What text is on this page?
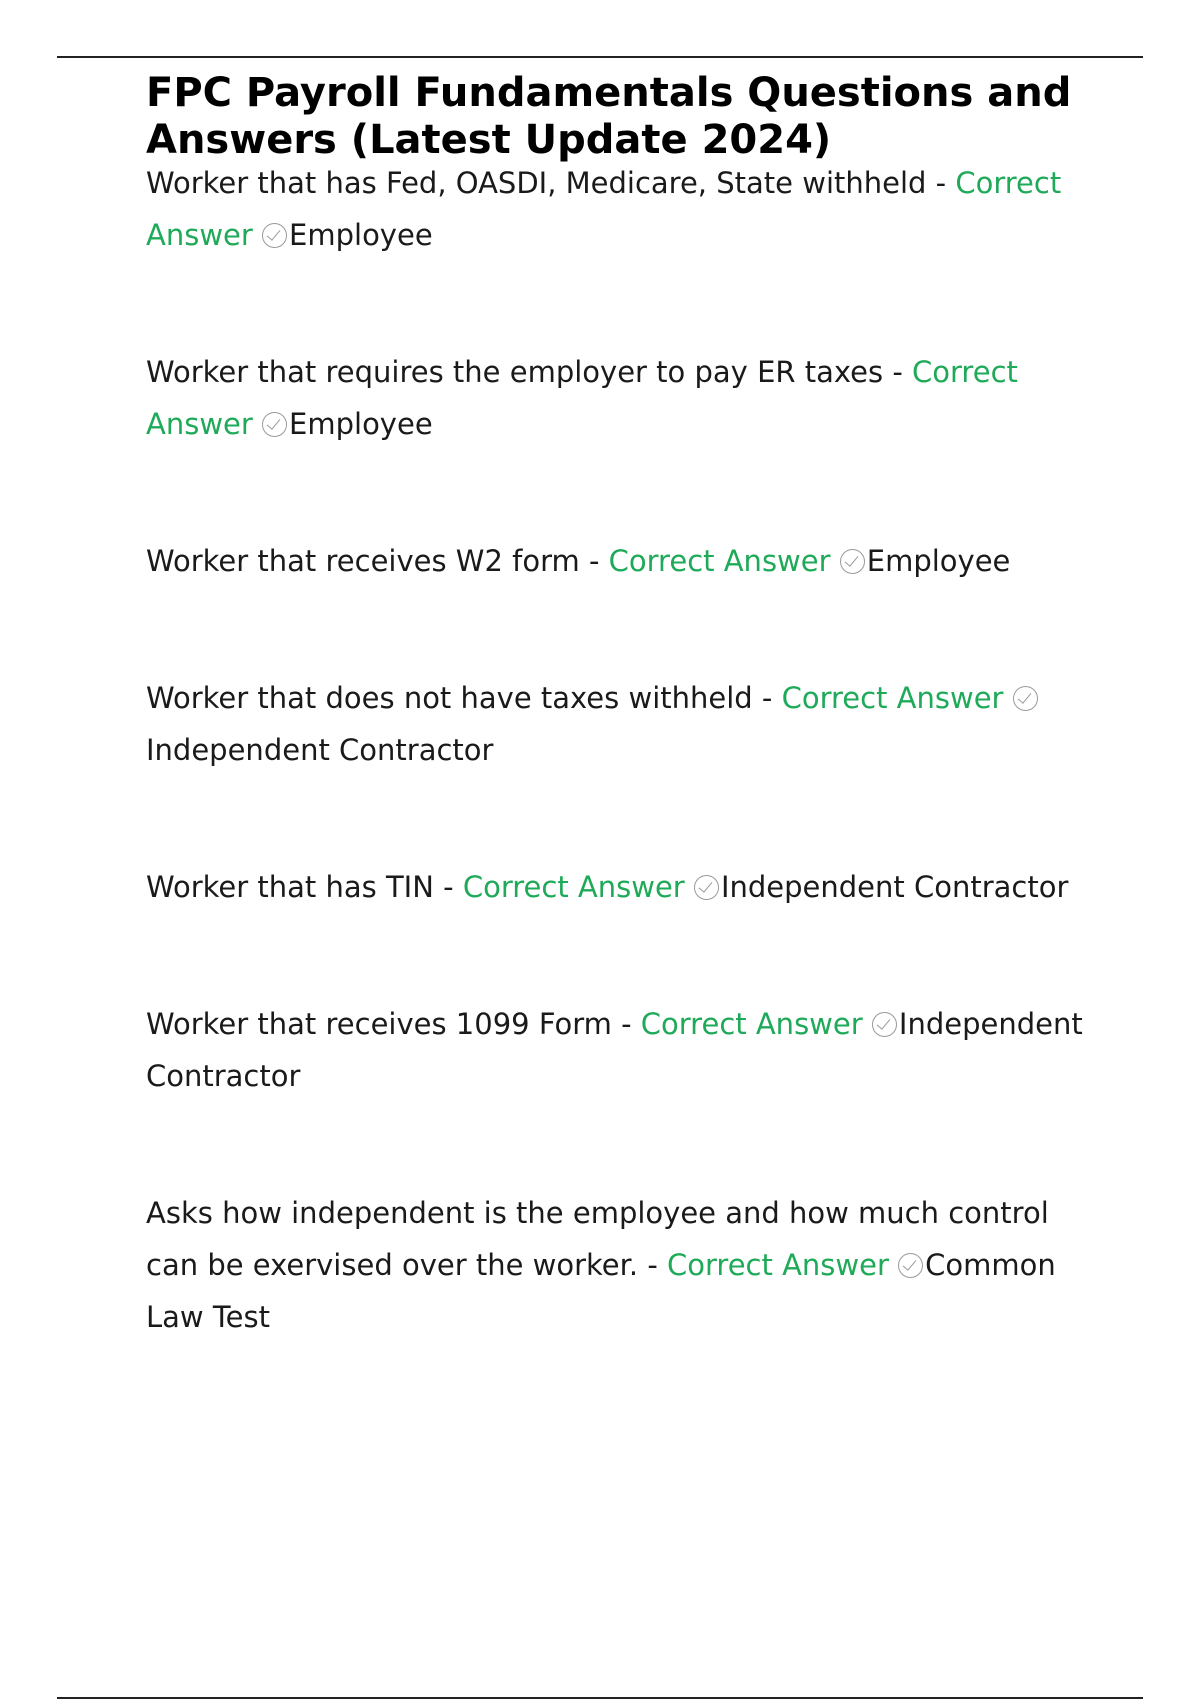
FPC Payroll Fundamentals Questions and Answers (Latest Update 2024)

Worker that has Fed, OASDI, Medicare, State withheld - Correct Answer Employee

Worker that requires the employer to pay ER taxes - Correct Answer Employee

Worker that receives W2 form - Correct Answer Employee

Worker that does not have taxes withheld - Correct Answer Independent Contractor

Worker that has TIN - Correct Answer Independent Contractor

Worker that receives 1099 Form - Correct Answer Independent Contractor

Asks how independent is the employee and how much control can be exervised over the worker. - Correct Answer Common Law Test
